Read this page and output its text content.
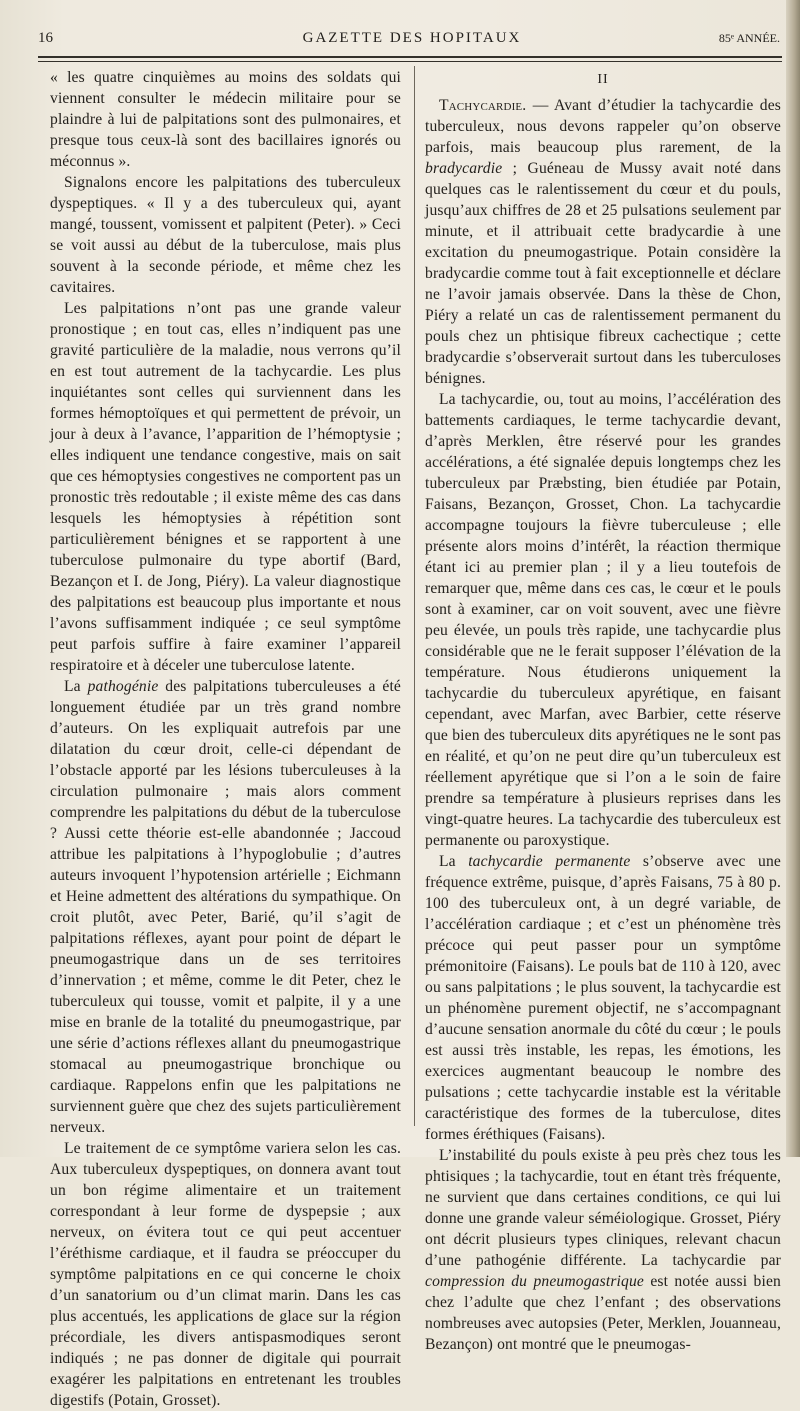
16	GAZETTE DES HOPITAUX	85ᵉ ANNÉE.

« les quatre cinquièmes au moins des soldats qui viennent consulter le médecin militaire pour se plaindre à lui de palpitations sont des pulmonaires, et presque tous ceux-là sont des bacillaires ignorés ou méconnus ».

Signalons encore les palpitations des tuberculeux dyspeptiques. « Il y a des tuberculeux qui, ayant mangé, toussent, vomissent et palpitent (Peter). » Ceci se voit aussi au début de la tuberculose, mais plus souvent à la seconde période, et même chez les cavitaires.

Les palpitations n’ont pas une grande valeur pronostique ; en tout cas, elles n’indiquent pas une gravité particulière de la maladie, nous verrons qu’il en est tout autrement de la tachycardie. Les plus inquiétantes sont celles qui surviennent dans les formes hémoptoïques et qui permettent de prévoir, un jour à deux à l’avance, l’apparition de l’hémoptysie ; elles indiquent une tendance congestive, mais on sait que ces hémoptysies congestives ne comportent pas un pronostic très redoutable ; il existe même des cas dans lesquels les hémoptysies à répétition sont particulièrement bénignes et se rapportent à une tuberculose pulmonaire du type abortif (Bard, Bezançon et I. de Jong, Piéry). La valeur diagnostique des palpitations est beaucoup plus importante et nous l’avons suffisamment indiquée ; ce seul symptôme peut parfois suffire à faire examiner l’appareil respiratoire et à déceler une tuberculose latente.

La pathogénie des palpitations tuberculeuses a été longuement étudiée par un très grand nombre d’auteurs. On les expliquait autrefois par une dilatation du cœur droit, celle-ci dépendant de l’obstacle apporté par les lésions tuberculeuses à la circulation pulmonaire ; mais alors comment comprendre les palpitations du début de la tuberculose ? Aussi cette théorie est-elle abandonnée ; Jaccoud attribue les palpitations à l’hypoglobulie ; d’autres auteurs invoquent l’hypotension artérielle ; Eichmann et Heine admettent des altérations du sympathique. On croit plutôt, avec Peter, Barié, qu’il s’agit de palpitations réflexes, ayant pour point de départ le pneumogastrique dans un de ses territoires d’innervation ; et même, comme le dit Peter, chez le tuberculeux qui tousse, vomit et palpite, il y a une mise en branle de la totalité du pneumogastrique, par une série d’actions réflexes allant du pneumogastrique stomacal au pneumogastrique bronchique ou cardiaque. Rappelons enfin que les palpitations ne surviennent guère que chez des sujets particulièrement nerveux.

Le traitement de ce symptôme variera selon les cas. Aux tuberculeux dyspeptiques, on donnera avant tout un bon régime alimentaire et un traitement correspondant à leur forme de dyspepsie ; aux nerveux, on évitera tout ce qui peut accentuer l’éréthisme cardiaque, et il faudra se préoccuper du symptôme palpitations en ce qui concerne le choix d’un sanatorium ou d’un climat marin. Dans les cas plus accentués, les applications de glace sur la région précordiale, les divers antispasmodiques seront indiqués ; ne pas donner de digitale qui pourrait exagérer les palpitations en entretenant les troubles digestifs (Potain, Grosset).

II

Tachycardie. — Avant d’étudier la tachycardie des tuberculeux, nous devons rappeler qu’on observe parfois, mais beaucoup plus rarement, de la bradycardie ; Guéneau de Mussy avait noté dans quelques cas le ralentissement du cœur et du pouls, jusqu’aux chiffres de 28 et 25 pulsations seulement par minute, et il attribuait cette bradycardie à une excitation du pneumogastrique. Potain considère la bradycardie comme tout à fait exceptionnelle et déclare ne l’avoir jamais observée. Dans la thèse de Chon, Piéry a relaté un cas de ralentissement permanent du pouls chez un phtisique fibreux cachectique ; cette bradycardie s’observerait surtout dans les tuberculoses bénignes.

La tachycardie, ou, tout au moins, l’accélération des battements cardiaques, le terme tachycardie devant, d’après Merklen, être réservé pour les grandes accélérations, a été signalée depuis longtemps chez les tuberculeux par Præbsting, bien étudiée par Potain, Faisans, Bezançon, Grosset, Chon. La tachycardie accompagne toujours la fièvre tuberculeuse ; elle présente alors moins d’intérêt, la réaction thermique étant ici au premier plan ; il y a lieu toutefois de remarquer que, même dans ces cas, le cœur et le pouls sont à examiner, car on voit souvent, avec une fièvre peu élevée, un pouls très rapide, une tachycardie plus considérable que ne le ferait supposer l’élévation de la température. Nous étudierons uniquement la tachycardie du tuberculeux apyrétique, en faisant cependant, avec Marfan, avec Barbier, cette réserve que bien des tuberculeux dits apyrétiques ne le sont pas en réalité, et qu’on ne peut dire qu’un tuberculeux est réellement apyrétique que si l’on a le soin de faire prendre sa température à plusieurs reprises dans les vingt-quatre heures. La tachycardie des tuberculeux est permanente ou paroxystique.

La tachycardie permanente s’observe avec une fréquence extrême, puisque, d’après Faisans, 75 à 80 p. 100 des tuberculeux ont, à un degré variable, de l’accélération cardiaque ; et c’est un phénomène très précoce qui peut passer pour un symptôme prémonitoire (Faisans). Le pouls bat de 110 à 120, avec ou sans palpitations ; le plus souvent, la tachycardie est un phénomène purement objectif, ne s’accompagnant d’aucune sensation anormale du côté du cœur ; le pouls est aussi très instable, les repas, les émotions, les exercices augmentant beaucoup le nombre des pulsations ; cette tachycardie instable est la véritable caractéristique des formes de la tuberculose, dites formes éréthiques (Faisans).

L’instabilité du pouls existe à peu près chez tous les phtisiques ; la tachycardie, tout en étant très fréquente, ne survient que dans certaines conditions, ce qui lui donne une grande valeur séméiologique. Grosset, Piéry ont décrit plusieurs types cliniques, relevant chacun d’une pathogénie différente. La tachycardie par compression du pneumogastrique est notée aussi bien chez l’adulte que chez l’enfant ; des observations nombreuses avec autopsies (Peter, Merklen, Jouanneau, Bezançon) ont montré que le pneumogas-
